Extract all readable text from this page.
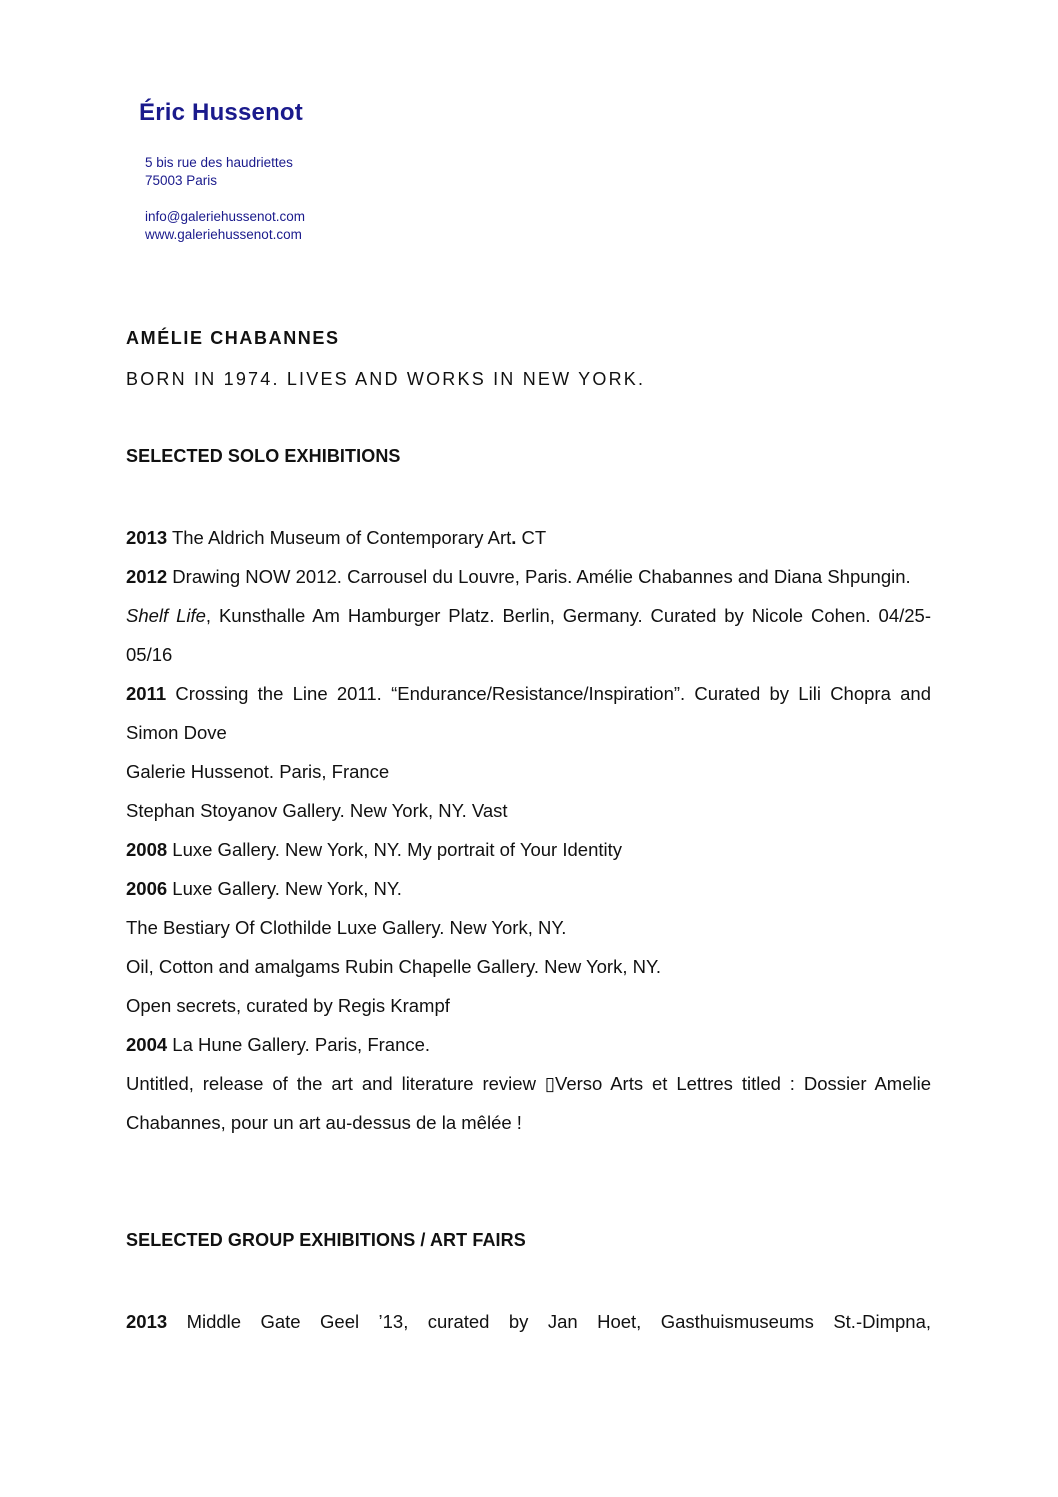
Éric Hussenot
5 bis rue des haudriettes
75003 Paris
info@galeriehussenot.com
www.galeriehussenot.com
AMÉLIE CHABANNES

BORN IN 1974. LIVES AND WORKS IN NEW YORK.

SELECTED SOLO EXHIBITIONS

2013 The Aldrich Museum of Contemporary Art. CT

2012 Drawing NOW 2012. Carrousel du Louvre, Paris. Amélie Chabannes and Diana Shpungin.

Shelf Life, Kunsthalle Am Hamburger Platz. Berlin, Germany. Curated by Nicole Cohen. 04/25-05/16

2011 Crossing the Line 2011. “Endurance/Resistance/Inspiration”. Curated by Lili Chopra and Simon Dove

Galerie Hussenot. Paris, France

Stephan Stoyanov Gallery. New York, NY. Vast

2008 Luxe Gallery. New York, NY. My portrait of Your Identity

2006 Luxe Gallery. New York, NY.

The Bestiary Of Clothilde Luxe Gallery. New York, NY.

Oil, Cotton and amalgams Rubin Chapelle Gallery. New York, NY.

Open secrets, curated by Regis Krampf

2004 La Hune Gallery. Paris, France.

Untitled, release of the art and literature review ▯Verso Arts et Lettres titled : Dossier Amelie Chabannes, pour un art au-dessus de la mêlée !

SELECTED GROUP EXHIBITIONS / ART FAIRS

2013 Middle Gate Geel ’13, curated by Jan Hoet, Gasthuismuseums St.-Dimpna,
